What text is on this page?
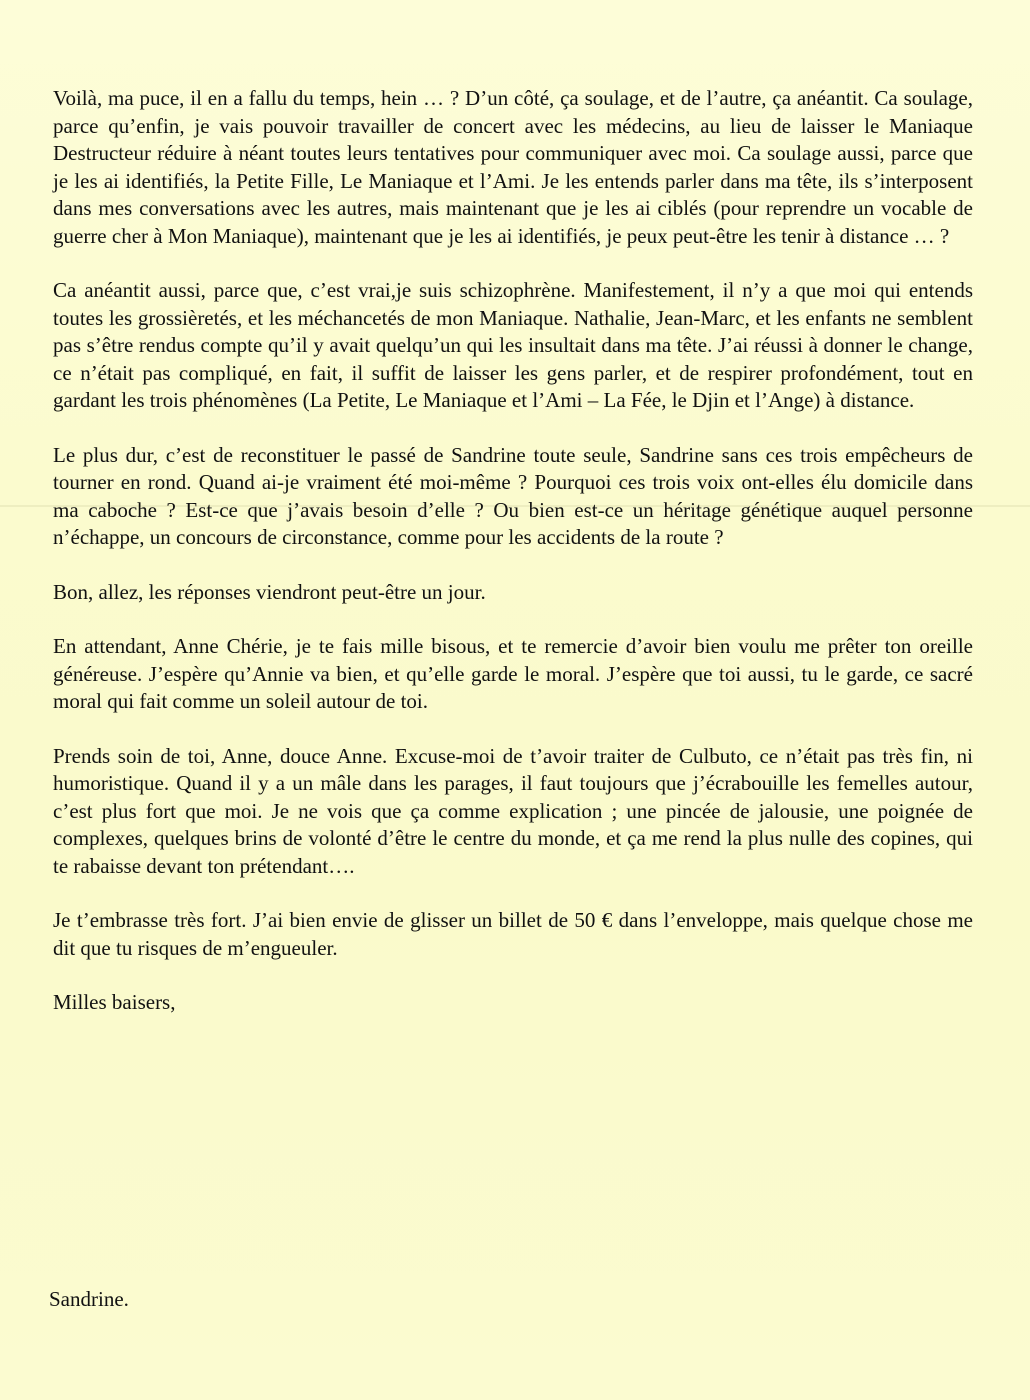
Voilà, ma puce, il en a fallu du temps, hein … ? D’un côté, ça soulage, et de l’autre, ça anéantit. Ca soulage, parce qu’enfin, je vais pouvoir travailler de concert avec les médecins, au lieu de laisser le Maniaque Destructeur réduire à néant toutes leurs tentatives pour communiquer avec moi. Ca soulage aussi, parce que je les ai identifiés, la Petite Fille, Le Maniaque et l’Ami. Je les entends parler dans ma tête, ils s’interposent dans mes conversations avec les autres, mais maintenant que je les ai ciblés (pour reprendre un vocable de guerre cher à Mon Maniaque), maintenant que je les ai identifiés, je peux peut-être les tenir à distance … ?

Ca anéantit aussi, parce que, c’est vrai,je suis schizophrène. Manifestement, il n’y a que moi qui entends toutes les grossièretés, et les méchancetés de mon Maniaque. Nathalie, Jean-Marc, et les enfants ne semblent pas s’être rendus compte qu’il y avait quelqu’un qui les insultait dans ma tête. J’ai réussi à donner le change, ce n’était pas compliqué, en fait, il suffit de laisser les gens parler, et de respirer profondément, tout en gardant les trois phénomènes (La Petite, Le Maniaque et l’Ami – La Fée, le Djin et l’Ange) à distance.

Le plus dur, c’est de reconstituer le passé de Sandrine toute seule, Sandrine sans ces trois empêcheurs de tourner en rond. Quand ai-je vraiment été moi-même ? Pourquoi ces trois voix ont-elles élu domicile dans ma caboche ? Est-ce que j’avais besoin d’elle ? Ou bien est-ce un héritage génétique auquel personne n’échappe, un concours de circonstance, comme pour les accidents de la route ?

Bon, allez, les réponses viendront peut-être un jour.

En attendant, Anne Chérie, je te fais mille bisous, et te remercie d’avoir bien voulu me prêter ton oreille généreuse. J’espère qu’Annie va bien, et qu’elle garde le moral. J’espère que toi aussi, tu le garde, ce sacré moral qui fait comme un soleil autour de toi.

Prends soin de toi, Anne, douce Anne. Excuse-moi de t’avoir traiter de Culbuto, ce n’était pas très fin, ni humoristique. Quand il y a un mâle dans les parages, il faut toujours que j’écrabouille les femelles autour, c’est plus fort que moi. Je ne vois que ça comme explication ; une pincée de jalousie, une poignée de complexes, quelques brins de volonté d’être le centre du monde, et ça me rend la plus nulle des copines, qui te rabaisse devant ton prétendant….

Je t’embrasse très fort. J’ai bien envie de glisser un billet de 50 € dans l’enveloppe, mais quelque chose me dit que tu risques de m’engueuler.

Milles baisers,

Sandrine.
